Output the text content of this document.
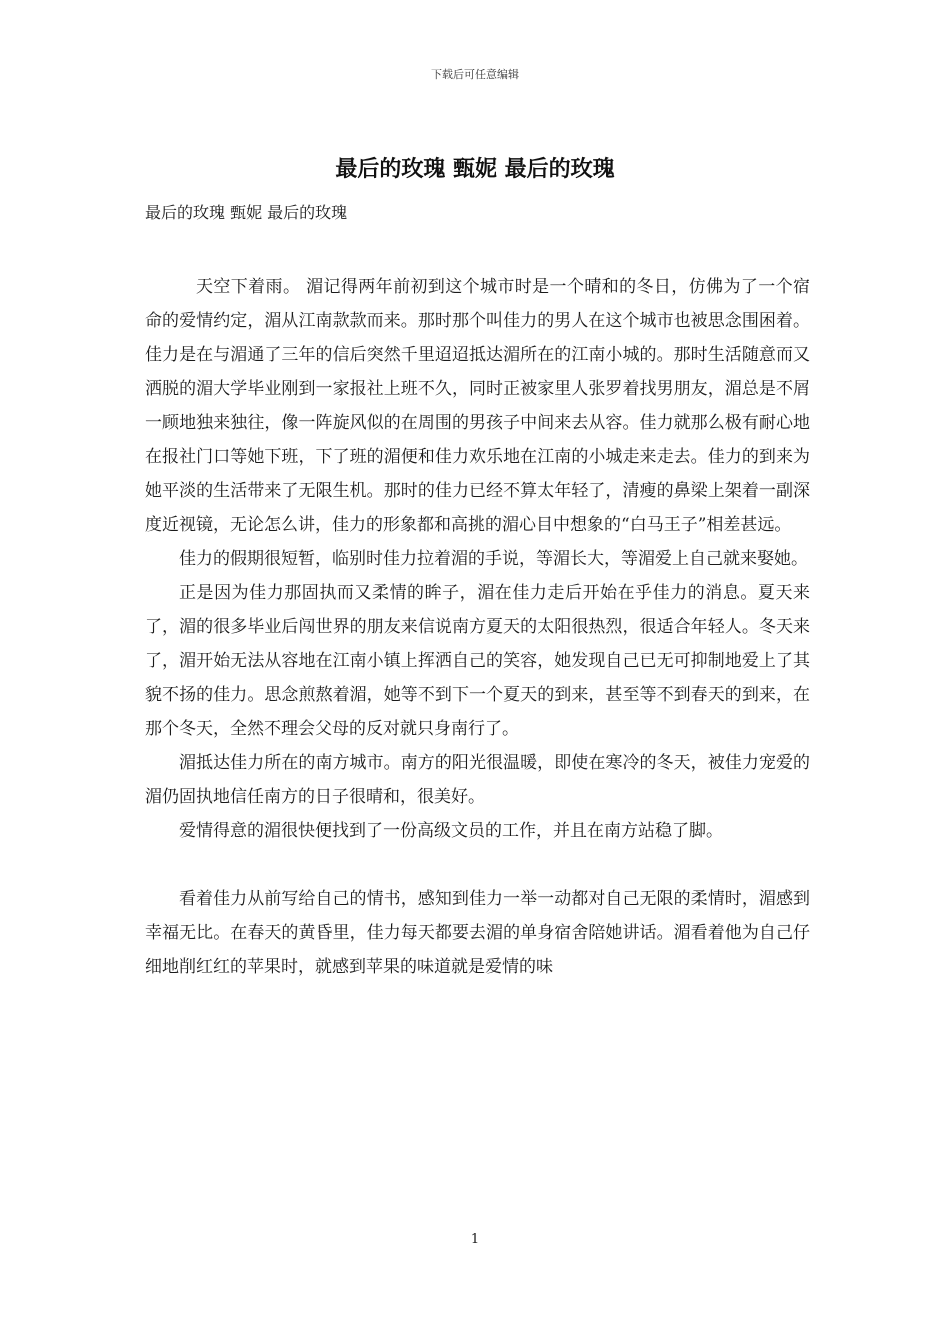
下载后可任意编辑
最后的玫瑰 甄妮 最后的玫瑰
最后的玫瑰 甄妮 最后的玫瑰

天空下着雨。 湄记得两年前初到这个城市时是一个晴和的冬日，仿佛为了一个宿命的爱情约定，湄从江南款款而来。那时那个叫佳力的男人在这个城市也被思念围困着。 佳力是在与湄通了三年的信后突然千里迢迢抵达湄所在的江南小城的。那时生活随意而又洒脱的湄大学毕业刚到一家报社上班不久，同时正被家里人张罗着找男朋友，湄总是不屑一顾地独来独往，像一阵旋风似的在周围的男孩子中间来去从容。佳力就那么极有耐心地在报社门口等她下班，下了班的湄便和佳力欢乐地在江南的小城走来走去。佳力的到来为她平淡的生活带来了无限生机。那时的佳力已经不算太年轻了，清瘦的鼻梁上架着一副深度近视镜，无论怎么讲，佳力的形象都和高挑的湄心目中想象的“白马王子”相差甚远。

佳力的假期很短暂，临别时佳力拉着湄的手说，等湄长大，等湄爱上自己就来娶她。

正是因为佳力那固执而又柔情的眸子，湄在佳力走后开始在乎佳力的消息。夏天来了，湄的很多毕业后闯世界的朋友来信说南方夏天的太阳很热烈，很适合年轻人。冬天来了，湄开始无法从容地在江南小镇上挥洒自己的笑容，她发现自己已无可抑制地爱上了其貌不扬的佳力。思念煎熬着湄，她等不到下一个夏天的到来，甚至等不到春天的到来，在那个冬天，全然不理会父母的反对就只身南行了。

湄抵达佳力所在的南方城市。南方的阳光很温暖，即使在寒冷的冬天，被佳力宠爱的湄仍固执地信任南方的日子很晴和，很美好。

爱情得意的湄很快便找到了一份高级文员的工作，并且在南方站稳了脚。

看着佳力从前写给自己的情书，感知到佳力一举一动都对自己无限的柔情时，湄感到幸福无比。在春天的黄昏里，佳力每天都要去湄的单身宿舍陪她讲话。湄看着他为自己仔细地削红红的苹果时，就感到苹果的味道就是爱情的味

1
